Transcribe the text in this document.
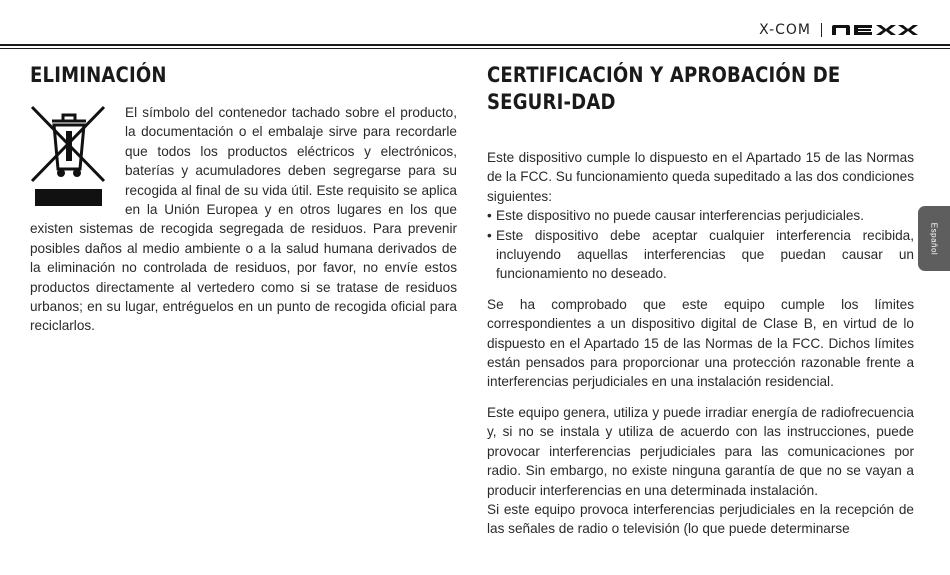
X-COM
ELIMINACIÓN

El símbolo del contenedor tachado sobre el producto, la documentación o el embalaje sirve para recordarle que todos los productos eléctricos y electrónicos, baterías y acumuladores deben segregarse para su recogida al final de su vida útil. Este requisito se aplica en la Unión Europea y en otros lugares en los que existen sistemas de recogida segregada de residuos. Para prevenir posibles daños al medio ambiente o a la salud humana derivados de la eliminación no controlada de residuos, por favor, no envíe estos productos directamente al vertedero como si se tratase de residuos urbanos; en su lugar, entréguelos en un punto de recogida oficial para reciclarlos.

CERTIFICACIÓN Y APROBACIÓN DE SEGURI-DAD

Este dispositivo cumple lo dispuesto en el Apartado 15 de las Normas de la FCC. Su funcionamiento queda supeditado a las dos condiciones siguientes:

• Este dispositivo no puede causar interferencias perjudiciales.
• Este dispositivo debe aceptar cualquier interferencia recibida, incluyendo aquellas interferencias que puedan causar un funcionamiento no deseado.

Se ha comprobado que este equipo cumple los límites correspondientes a un dispositivo digital de Clase B, en virtud de lo dispuesto en el Apartado 15 de las Normas de la FCC. Dichos límites están pensados para proporcionar una protección razonable frente a interferencias perjudiciales en una instalación residencial.

Este equipo genera, utiliza y puede irradiar energía de radiofrecuencia y, si no se instala y utiliza de acuerdo con las instrucciones, puede provocar interferencias perjudiciales para las comunicaciones por radio. Sin embargo, no existe ninguna garantía de que no se vayan a producir interferencias en una determinada instalación.

Si este equipo provoca interferencias perjudiciales en la recepción de las señales de radio o televisión (lo que puede determinarse

Español
